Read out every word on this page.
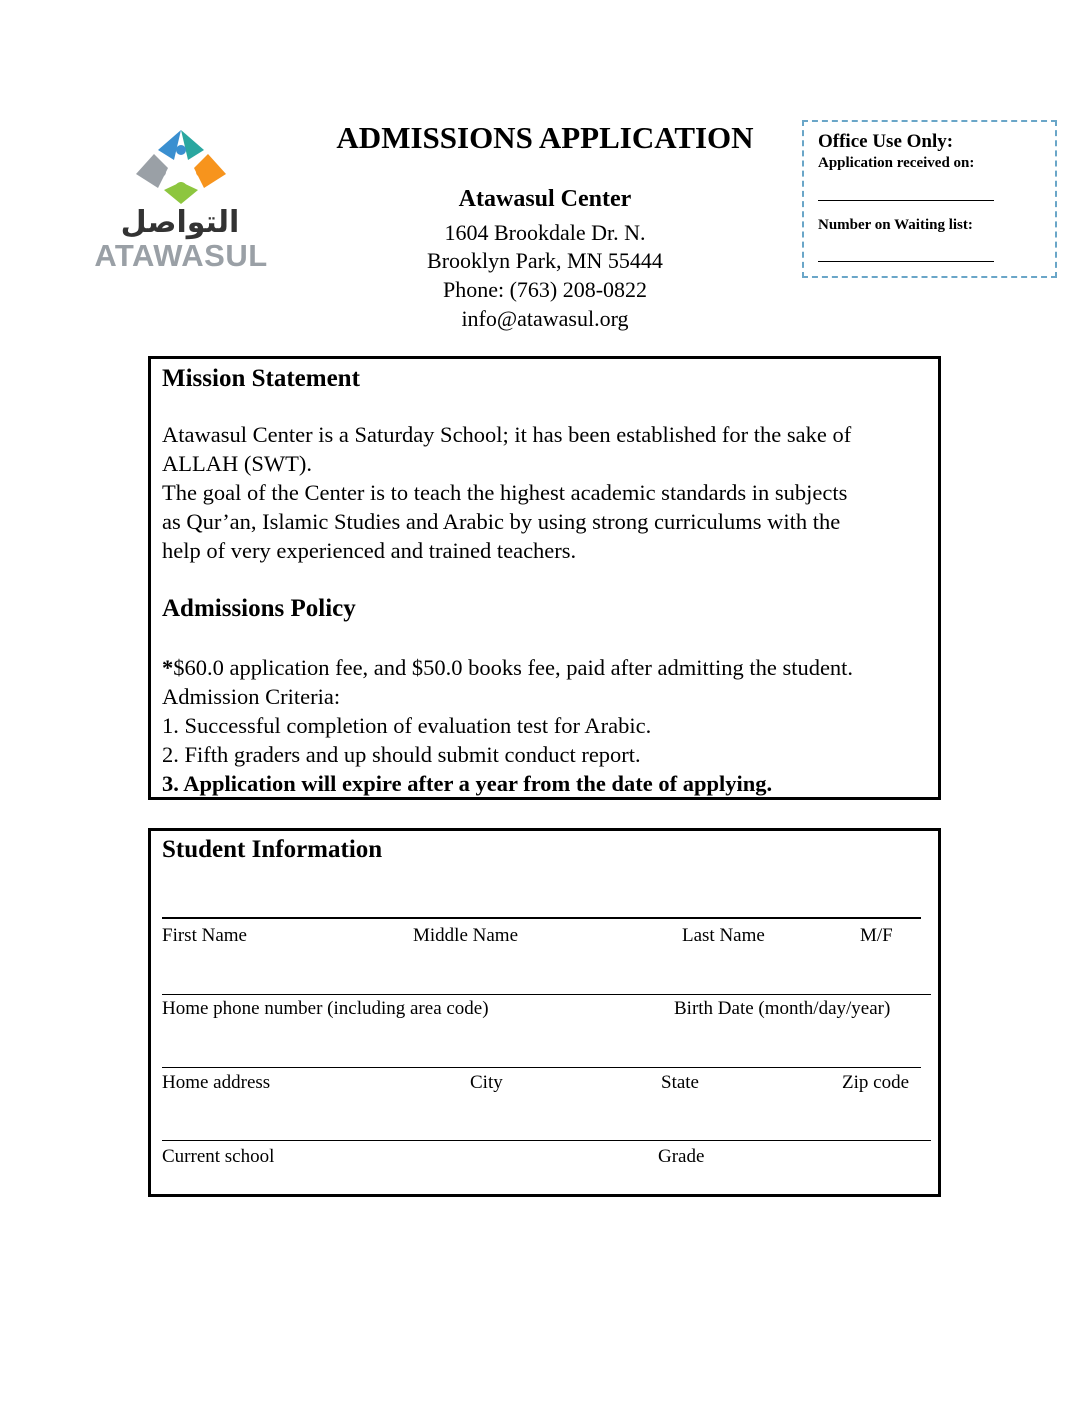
التواصل
ATAWASUL
ADMISSIONS APPLICATION
Atawasul Center
1604 Brookdale Dr. N.
Brooklyn Park, MN 55444
Phone: (763) 208-0822
info@atawasul.org
Office Use Only:
Application received on:
Number on Waiting list:
Mission Statement
Atawasul Center is a Saturday School; it has been established for the sake of
ALLAH (SWT).
The goal of the Center is to teach the highest academic standards in subjects
as Qur’an, Islamic Studies and Arabic by using strong curriculums with the
help of very experienced and trained teachers.
Admissions Policy
*$60.0 application fee, and $50.0 books fee, paid after admitting the student.
Admission Criteria:
1. Successful completion of evaluation test for Arabic.
2. Fifth graders and up should submit conduct report.
3. Application will expire after a year from the date of applying.
Student Information
First Name	Middle Name	Last Name	M/F
Home phone number (including area code)	Birth Date (month/day/year)
Home address	City	State	Zip code
Current school	Grade
